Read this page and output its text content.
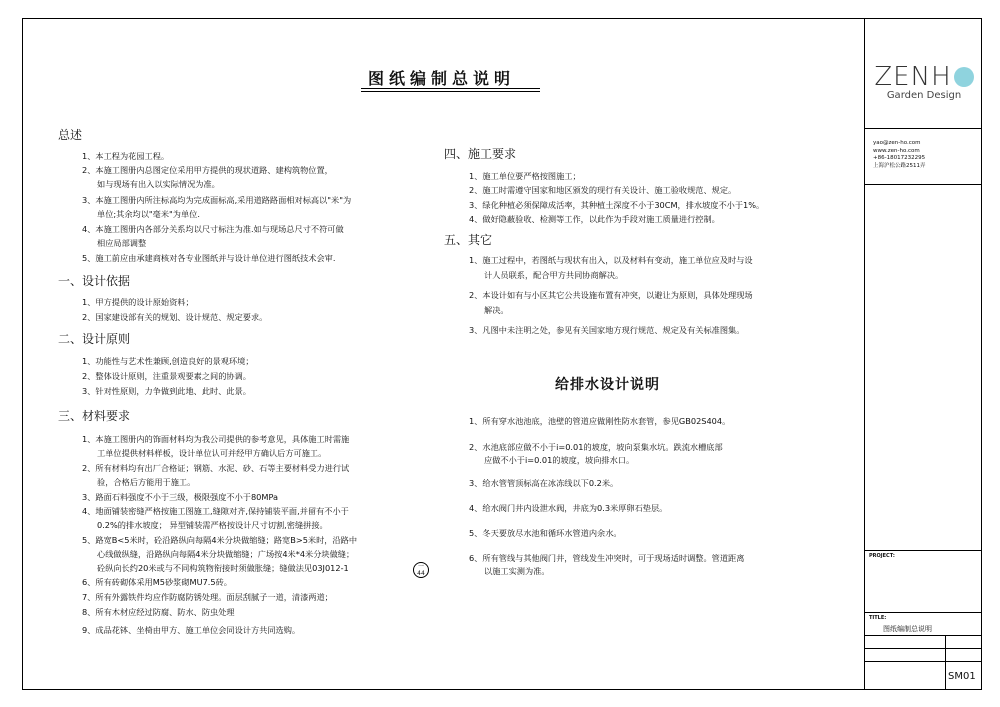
图纸编制总说明
总述
1、本工程为花园工程。
2、本施工图册内总图定位采用甲方提供的现状道路、建构筑物位置，
如与现场有出入以实际情况为准。
3、本施工图册内所注标高均为完成面标高,采用道路路面相对标高以"米"为
单位;其余均以"毫米"为单位.
4、本施工图册内各部分关系均以尺寸标注为准.如与现场总尺寸不符可做
相应局部调整
5、施工前应由承建商核对各专业图纸并与设计单位进行图纸技术会审.
一、设计依据
1、甲方提供的设计原始资料；
2、国家建设部有关的规划、设计规范、规定要求。
二、设计原则
1、功能性与艺术性兼顾,创造良好的景观环境；
2、整体设计原则，注重景观要素之间的协调。
3、针对性原则，力争做到此地、此时、此景。
三、材料要求
1、本施工图册内的饰面材料均为我公司提供的参考意见，具体施工时需施
工单位提供材料样板，设计单位认可并经甲方确认后方可施工。
2、所有材料均有出厂合格证；钢筋、水泥、砂、石等主要材料受力进行试
验，合格后方能用于施工。
3、路面石料强度不小于三级，极限强度不小于80MPa
4、地面铺装密缝严格按施工图施工,缝隙对齐,保持铺装平面,并留有不小于
0.2%的排水坡度； 异型铺装需严格按设计尺寸切割,密缝拼接。
5、路宽B<5米时，砼沿路纵向每隔4米分块做缩缝；路宽B>5米时，沿路中
心线做纵缝，沿路纵向每隔4米分块做缩缝；广场按4米*4米分块做缝；
砼纵向长约20米或与不同构筑物衔接时须做胀缝；缝做法见03J012-1	一
44
6、所有砖砌体采用M5砂浆砌MU7.5砖。
7、所有外露铁件均应作防腐防锈处理。面层刮腻子一道，清漆两道；
8、所有木材应经过防腐、防水、防虫处理
9、成品花钵、坐椅由甲方、施工单位会同设计方共同选购。
四、施工要求
1、施工单位要严格按图施工；
2、施工时需遵守国家和地区颁发的现行有关设计、施工验收规范、规定。
3、绿化种植必须保障成活率，其种植土深度不小于30CM，排水坡度不小于1%。
4、做好隐蔽验收、检测等工作，以此作为手段对施工质量进行控制。
五、其它
1、施工过程中，若图纸与现状有出入，以及材料有变动，施工单位应及时与设
计人员联系，配合甲方共同协商解决。
2、本设计如有与小区其它公共设施布置有冲突，以避让为原则，具体处理现场
解决。
3、凡图中未注明之处，参见有关国家地方现行规范、规定及有关标准图集。
给排水设计说明
1、所有穿水池池底，池壁的管道应做刚性防水套管，参见GB02S404。
2、水池底部应做不小于i=0.01的坡度，坡向泵集水坑。跌流水槽底部
应做不小于i=0.01的坡度，坡向排水口。
3、给水管管顶标高在冰冻线以下0.2米。
4、给水阀门井内设泄水阀，井底为0.3米厚卵石垫层。
5、冬天要放尽水池和循环水管道内余水。
6、所有管线与其他阀门井，管线发生冲突时，可于现场适时调整。管道距离
以施工实测为准。
ZENH
Garden Design
yao@zen-ho.com
www.zen-ho.com
+86-18017232295
上海沪松公路2511弄
PROJECT:
TITLE:
图纸编制总说明
SM01
